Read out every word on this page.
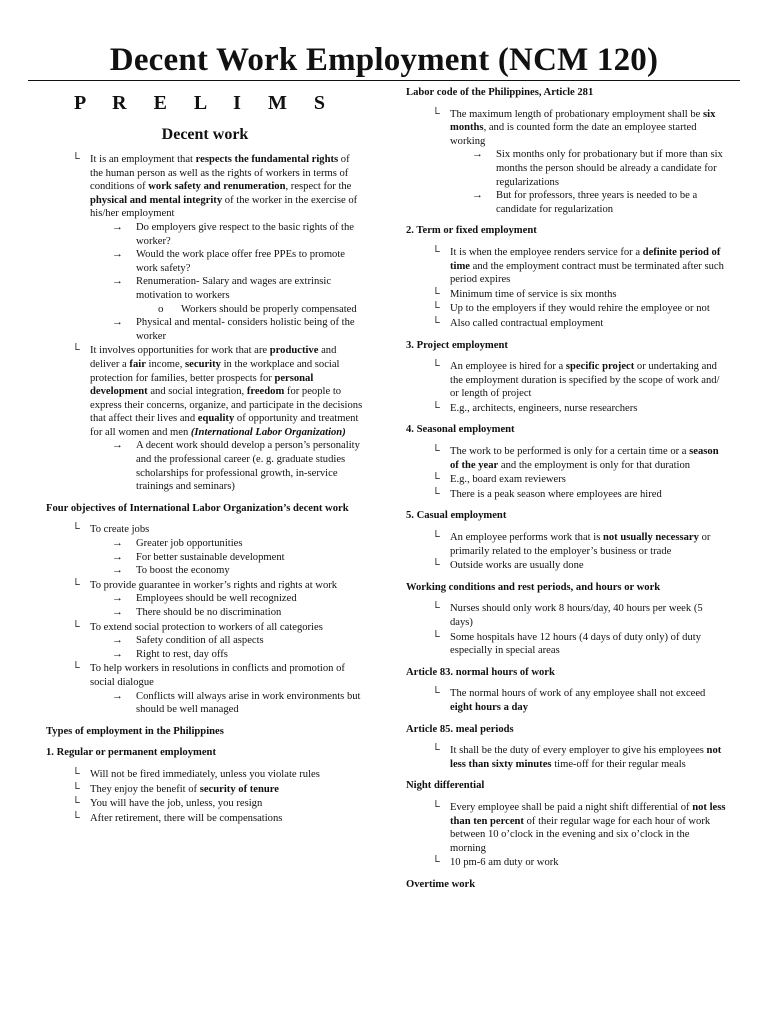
Decent Work Employment (NCM 120)
P R E L I M S
Decent work
└ It is an employment that respects the fundamental rights of the human person as well as the rights of workers in terms of conditions of work safety and renumeration, respect for the physical and mental integrity of the worker in the exercise of his/her employment
→ Do employers give respect to the basic rights of the worker?
→ Would the work place offer free PPEs to promote work safety?
→ Renumeration- Salary and wages are extrinsic motivation to workers
o Workers should be properly compensated
→ Physical and mental- considers holistic being of the worker
└ It involves opportunities for work that are productive and deliver a fair income, security in the workplace and social protection for families, better prospects for personal development and social integration, freedom for people to express their concerns, organize, and participate in the decisions that affect their lives and equality of opportunity and treatment for all women and men (International Labor Organization)
→ A decent work should develop a person’s personality and the professional career (e. g. graduate studies scholarships for professional growth, in-service trainings and seminars)
Four objectives of International Labor Organization’s decent work
└ To create jobs
→ Greater job opportunities
→ For better sustainable development
→ To boost the economy
└ To provide guarantee in worker’s rights and rights at work
→ Employees should be well recognized
→ There should be no discrimination
└ To extend social protection to workers of all categories
→ Safety condition of all aspects
→ Right to rest, day offs
└ To help workers in resolutions in conflicts and promotion of social dialogue
→ Conflicts will always arise in work environments but should be well managed
Types of employment in the Philippines
1. Regular or permanent employment
└ Will not be fired immediately, unless you violate rules
└ They enjoy the benefit of security of tenure
└ You will have the job, unless, you resign
└ After retirement, there will be compensations
Labor code of the Philippines, Article 281
└ The maximum length of probationary employment shall be six months, and is counted form the date an employee started working
→ Six months only for probationary but if more than six months the person should be already a candidate for regularizations
→ But for professors, three years is needed to be a candidate for regularization
2. Term or fixed employment
└ It is when the employee renders service for a definite period of time and the employment contract must be terminated after such period expires
└ Minimum time of service is six months
└ Up to the employers if they would rehire the employee or not
└ Also called contractual employment
3. Project employment
└ An employee is hired for a specific project or undertaking and the employment duration is specified by the scope of work and/ or length of project
└ E.g., architects, engineers, nurse researchers
4. Seasonal employment
└ The work to be performed is only for a certain time or a season of the year and the employment is only for that duration
└ E.g., board exam reviewers
└ There is a peak season where employees are hired
5. Casual employment
└ An employee performs work that is not usually necessary or primarily related to the employer’s business or trade
└ Outside works are usually done
Working conditions and rest periods, and hours or work
└ Nurses should only work 8 hours/day, 40 hours per week (5 days)
└ Some hospitals have 12 hours (4 days of duty only) of duty especially in special areas
Article 83. normal hours of work
└ The normal hours of work of any employee shall not exceed eight hours a day
Article 85. meal periods
└ It shall be the duty of every employer to give his employees not less than sixty minutes time-off for their regular meals
Night differential
└ Every employee shall be paid a night shift differential of not less than ten percent of their regular wage for each hour of work between 10 o’clock in the evening and six o’clock in the morning
└ 10 pm-6 am duty or work
Overtime work
